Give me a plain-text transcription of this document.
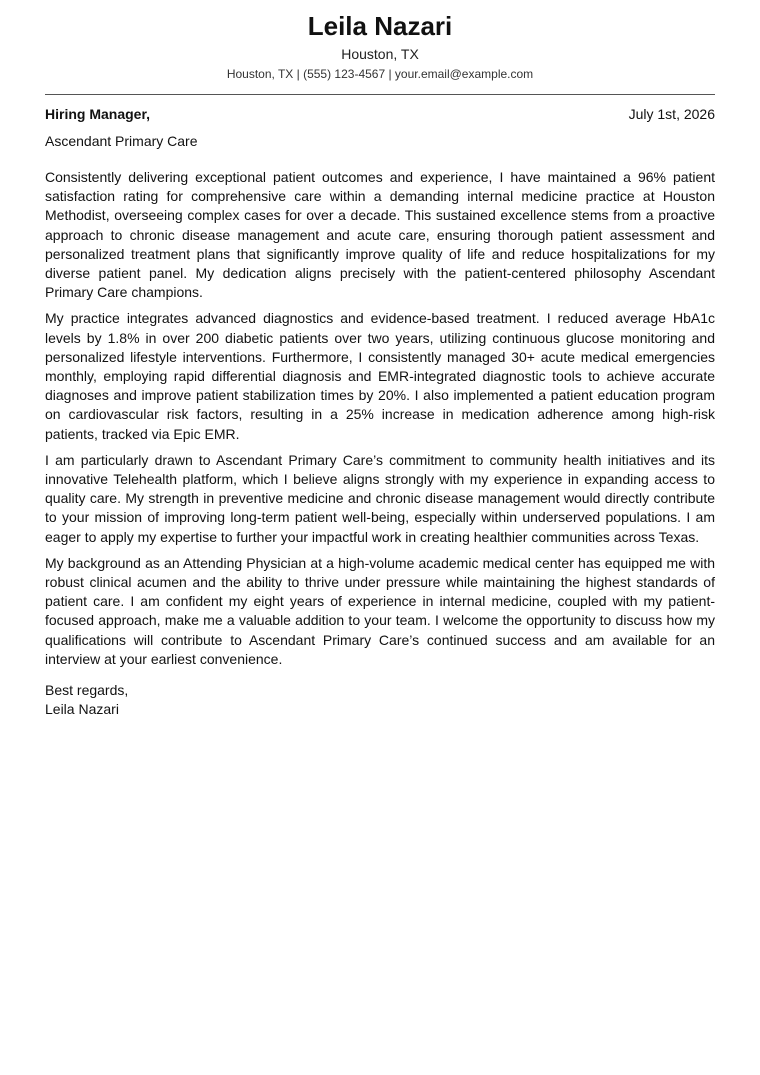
Leila Nazari
Houston, TX
Houston, TX | (555) 123-4567 | your.email@example.com
Hiring Manager,	July 1st, 2026
Ascendant Primary Care

Consistently delivering exceptional patient outcomes and experience, I have maintained a 96% patient satisfaction rating for comprehensive care within a demanding internal medicine practice at Houston Methodist, overseeing complex cases for over a decade. This sustained excellence stems from a proactive approach to chronic disease management and acute care, ensuring thorough patient assessment and personalized treatment plans that significantly improve quality of life and reduce hospitalizations for my diverse patient panel. My dedication aligns precisely with the patient-centered philosophy Ascendant Primary Care champions.

My practice integrates advanced diagnostics and evidence-based treatment. I reduced average HbA1c levels by 1.8% in over 200 diabetic patients over two years, utilizing continuous glucose monitoring and personalized lifestyle interventions. Furthermore, I consistently managed 30+ acute medical emergencies monthly, employing rapid differential diagnosis and EMR-integrated diagnostic tools to achieve accurate diagnoses and improve patient stabilization times by 20%. I also implemented a patient education program on cardiovascular risk factors, resulting in a 25% increase in medication adherence among high-risk patients, tracked via Epic EMR.

I am particularly drawn to Ascendant Primary Care’s commitment to community health initiatives and its innovative Telehealth platform, which I believe aligns strongly with my experience in expanding access to quality care. My strength in preventive medicine and chronic disease management would directly contribute to your mission of improving long-term patient well-being, especially within underserved populations. I am eager to apply my expertise to further your impactful work in creating healthier communities across Texas.

My background as an Attending Physician at a high-volume academic medical center has equipped me with robust clinical acumen and the ability to thrive under pressure while maintaining the highest standards of patient care. I am confident my eight years of experience in internal medicine, coupled with my patient-focused approach, make me a valuable addition to your team. I welcome the opportunity to discuss how my qualifications will contribute to Ascendant Primary Care’s continued success and am available for an interview at your earliest convenience.

Best regards,
Leila Nazari
